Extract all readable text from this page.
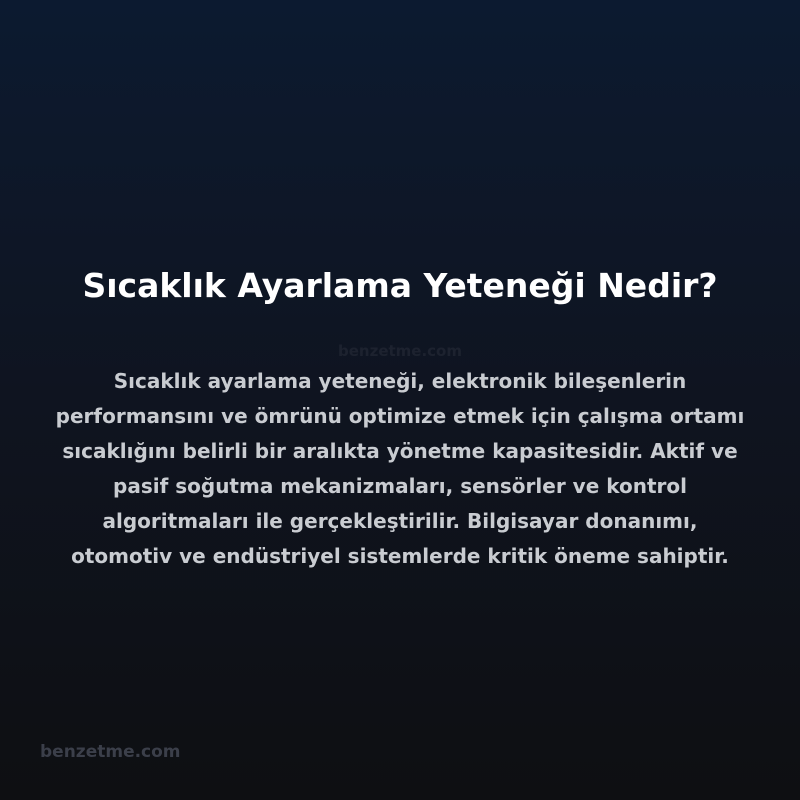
Sıcaklık Ayarlama Yeteneği Nedir?
benzetme.com

Sıcaklık ayarlama yeteneği, elektronik bileşenlerin performansını ve ömrünü optimize etmek için çalışma ortamı sıcaklığını belirli bir aralıkta yönetme kapasitesidir. Aktif ve pasif soğutma mekanizmaları, sensörler ve kontrol algoritmaları ile gerçekleştirilir. Bilgisayar donanımı, otomotiv ve endüstriyel sistemlerde kritik öneme sahiptir.

benzetme.com
